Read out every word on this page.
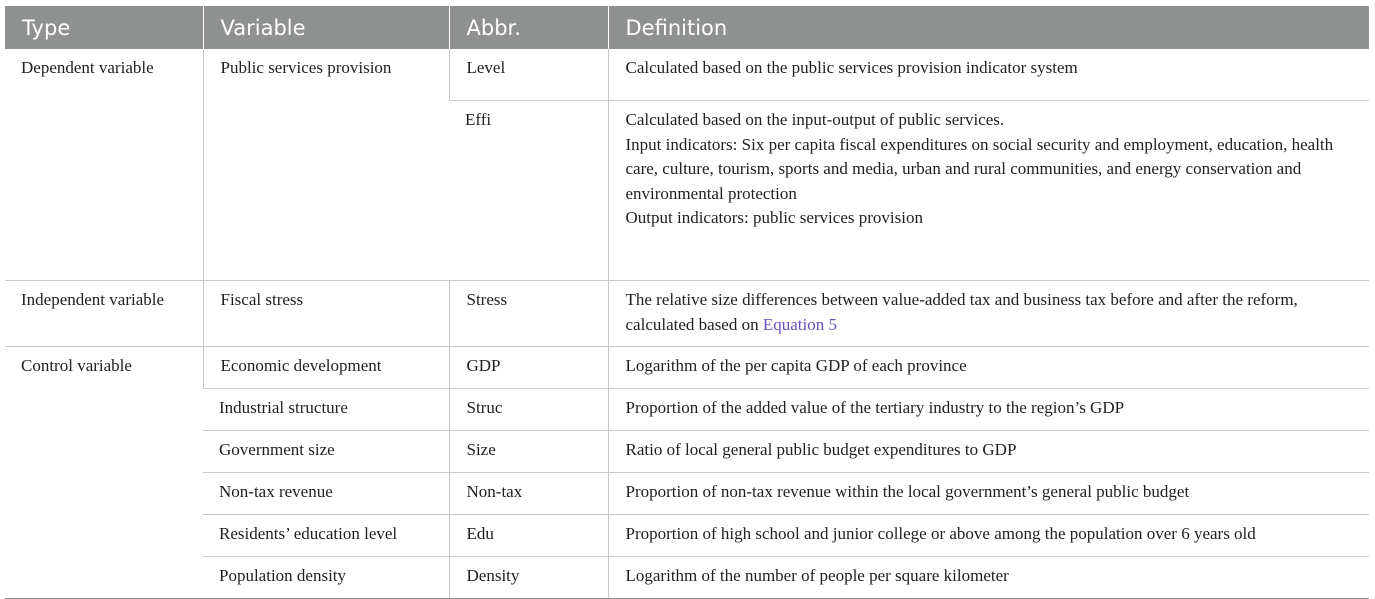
Type	Variable	Abbr.	Definition
Dependent variable	Public services provision	Level	Calculated based on the public services provision indicator system

		Effi	Calculated based on the input-output of public services.
Input indicators: Six per capita fiscal expenditures on social security and employment, education, health care, culture, tourism, sports and media, urban and rural communities, and energy conservation and environmental protection
Output indicators: public services provision

Independent variable	Fiscal stress	Stress	The relative size differences between value-added tax and business tax before and after the reform, calculated based on Equation 5
Control variable	Economic development	GDP	Logarithm of the per capita GDP of each province
	Industrial structure	Struc	Proportion of the added value of the tertiary industry to the region’s GDP
	Government size	Size	Ratio of local general public budget expenditures to GDP
	Non-tax revenue	Non-tax	Proportion of non-tax revenue within the local government’s general public budget
	Residents’ education level	Edu	Proportion of high school and junior college or above among the population over 6 years old
	Population density	Density	Logarithm of the number of people per square kilometer
